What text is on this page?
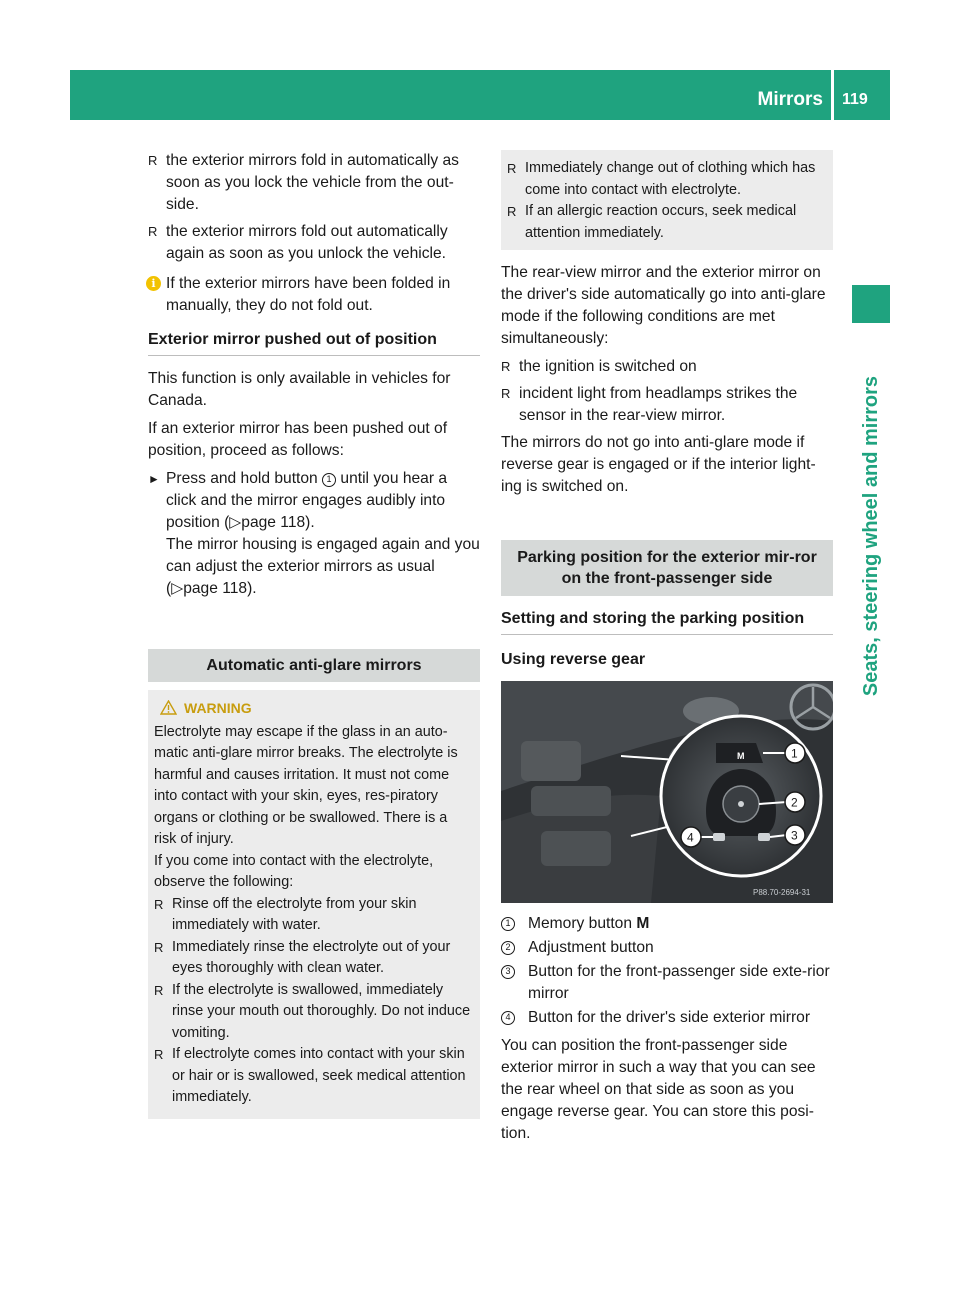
Mirrors 119
Seats, steering wheel and mirrors
R the exterior mirrors fold in automatically as soon as you lock the vehicle from the out-side.
R the exterior mirrors fold out automatically again as soon as you unlock the vehicle.
i If the exterior mirrors have been folded in manually, they do not fold out.
Exterior mirror pushed out of position

This function is only available in vehicles for Canada.

If an exterior mirror has been pushed out of position, proceed as follows:

► Press and hold button 1 until you hear a click and the mirror engages audibly into position (▷page 118).
The mirror housing is engaged again and you can adjust the exterior mirrors as usual (▷page 118).
Automatic anti-glare mirrors
WARNING

Electrolyte may escape if the glass in an auto-matic anti-glare mirror breaks. The electrolyte is harmful and causes irritation. It must not come into contact with your skin, eyes, res-piratory organs or clothing or be swallowed. There is a risk of injury.

If you come into contact with the electrolyte, observe the following:

R Rinse off the electrolyte from your skin immediately with water.
R Immediately rinse the electrolyte out of your eyes thoroughly with clean water.
R If the electrolyte is swallowed, immediately rinse your mouth out thoroughly. Do not induce vomiting.
R If electrolyte comes into contact with your skin or hair or is swallowed, seek medical attention immediately.
R Immediately change out of clothing which has come into contact with electrolyte.
R If an allergic reaction occurs, seek medical attention immediately.

The rear-view mirror and the exterior mirror on the driver's side automatically go into anti-glare mode if the following conditions are met simultaneously:

R the ignition is switched on
R incident light from headlamps strikes the sensor in the rear-view mirror.

The mirrors do not go into anti-glare mode if reverse gear is engaged or if the interior light-ing is switched on.

Parking position for the exterior mir-ror on the front-passenger side
Setting and storing the parking position
Using reverse gear
M	1
2
3
4
P88.70-2694-31
1 Memory button M
2 Adjustment button
3 Button for the front-passenger side exte-rior mirror
4 Button for the driver's side exterior mirror

You can position the front-passenger side exterior mirror in such a way that you can see the rear wheel on that side as soon as you engage reverse gear. You can store this posi-tion.
